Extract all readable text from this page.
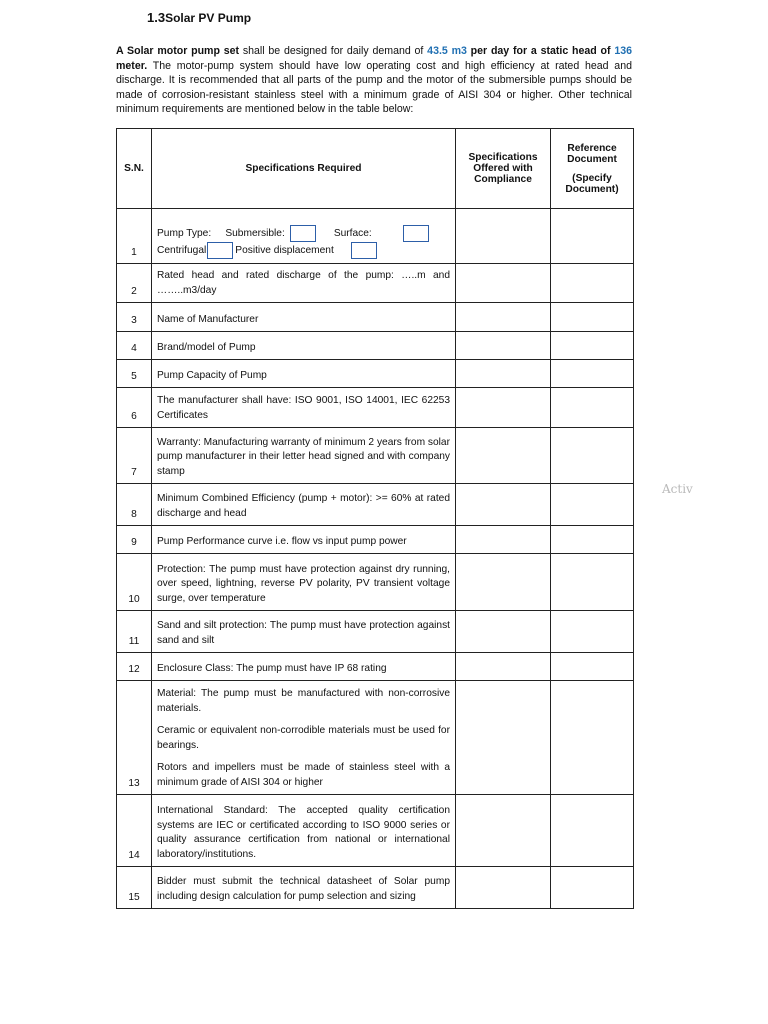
1.3Solar PV Pump
A Solar motor pump set shall be designed for daily demand of 43.5 m3 per day for a static head of 136 meter. The motor-pump system should have low operating cost and high efficiency at rated head and discharge. It is recommended that all parts of the pump and the motor of the submersible pumps should be made of corrosion-resistant stainless steel with a minimum grade of AISI 304 or higher. Other technical minimum requirements are mentioned below in the table below:
S.N.	Specifications Required	Specifications Offered with Compliance	Reference Document
(Specify Document)

1	Pump Type: Submersible: Surface:
Centrifugal Positive displacement		

2	Rated head and rated discharge of the pump: …..m and ……..m3/day		
3	Name of Manufacturer		
4	Brand/model of Pump		
5	Pump Capacity of Pump		
6	The manufacturer shall have: ISO 9001, ISO 14001, IEC 62253 Certificates		
7	Warranty: Manufacturing warranty of minimum 2 years from solar pump manufacturer in their letter head signed and with company stamp		
8	Minimum Combined Efficiency (pump + motor): >= 60% at rated discharge and head		
9	Pump Performance curve i.e. flow vs input pump power		
10	Protection: The pump must have protection against dry running, over speed, lightning, reverse PV polarity, PV transient voltage surge, over temperature		
11	Sand and silt protection: The pump must have protection against sand and silt		
12	Enclosure Class: The pump must have IP 68 rating		
13	Material: The pump must be manufactured with non-corrosive materials.

Ceramic or equivalent non-corrodible materials must be used for bearings.

Rotors and impellers must be made of stainless steel with a minimum grade of AISI 304 or higher		

14	International Standard: The accepted quality certification systems are IEC or certificated according to ISO 9000 series or quality assurance certification from national or international laboratory/institutions.		
15	Bidder must submit the technical datasheet of Solar pump including design calculation for pump selection and sizing		
Activ
